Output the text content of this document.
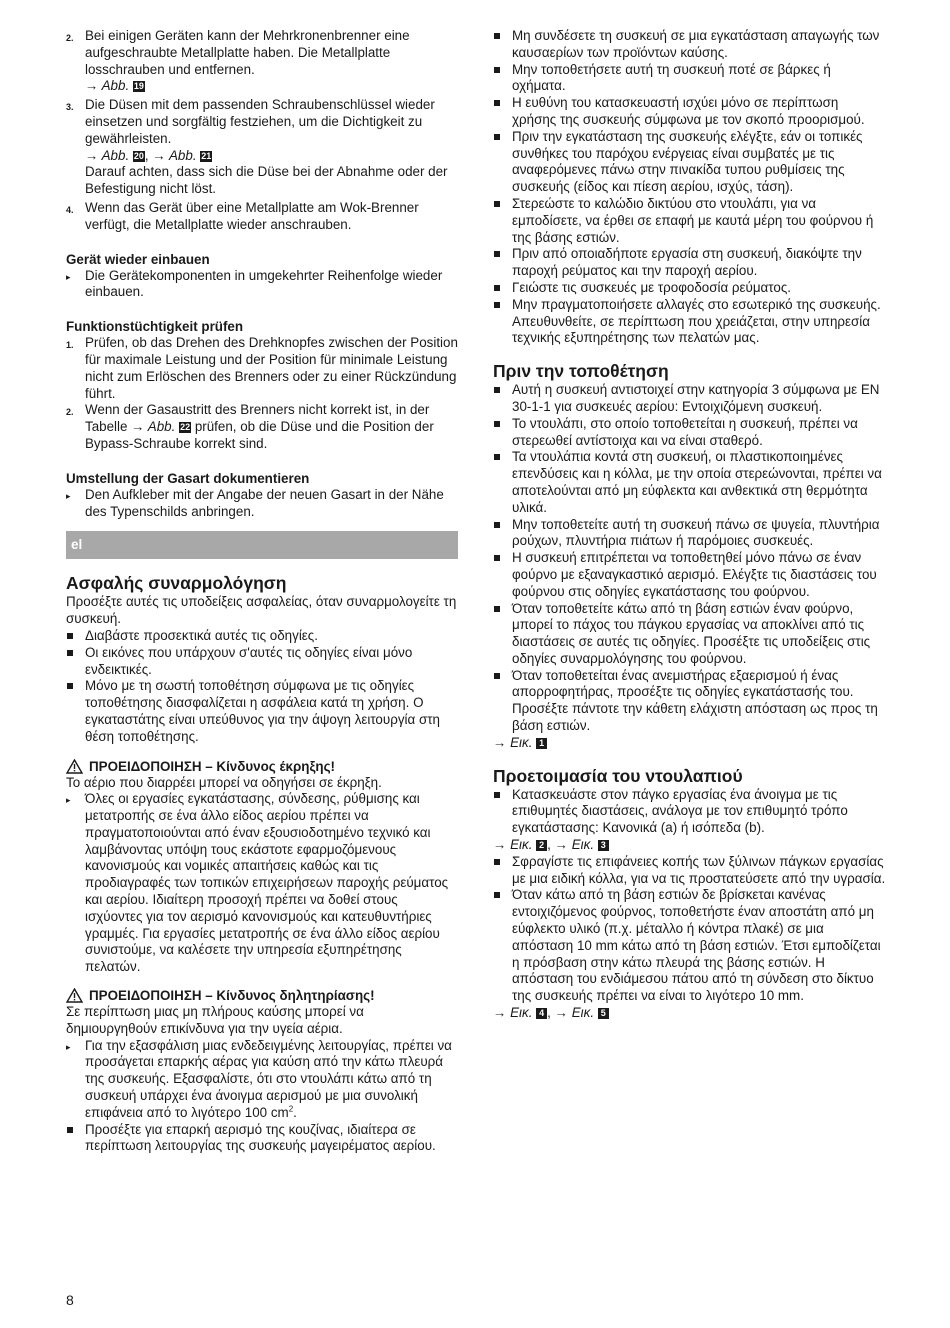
2. Bei einigen Geräten kann der Mehrkronenbrenner eine aufgeschraubte Metallplatte haben. Die Metallplatte losschrauben und entfernen.
→ Abb. 19
3. Die Düsen mit dem passenden Schraubenschlüssel wieder einsetzen und sorgfältig festziehen, um die Dichtigkeit zu gewährleisten.
→ Abb. 20, → Abb. 21
Darauf achten, dass sich die Düse bei der Abnahme oder der Befestigung nicht löst.
4. Wenn das Gerät über eine Metallplatte am Wok-Brenner verfügt, die Metallplatte wieder anschrauben.
Gerät wieder einbauen
▸	Die Gerätekomponenten in umgekehrter Reihenfolge wieder einbauen.
Funktionstüchtigkeit prüfen
1. Prüfen, ob das Drehen des Drehknopfes zwischen der Position für maximale Leistung und der Position für minimale Leistung nicht zum Erlöschen des Brenners oder zu einer Rückzündung führt.
2. Wenn der Gasaustritt des Brenners nicht korrekt ist, in der Tabelle → Abb. 22 prüfen, ob die Düse und die Position der Bypass-Schraube korrekt sind.
Umstellung der Gasart dokumentieren
▸	Den Aufkleber mit der Angabe der neuen Gasart in der Nähe des Typenschilds anbringen.
el
Ασφαλής συναρμολόγηση
Προσέξτε αυτές τις υποδείξεις ασφαλείας, όταν συναρμολογείτε τη συσκευή.
Διαβάστε προσεκτικά αυτές τις οδηγίες.
Οι εικόνες που υπάρχουν σ'αυτές τις οδηγίες είναι μόνο ενδεικτικές.
Μόνο με τη σωστή τοποθέτηση σύμφωνα με τις οδηγίες τοποθέτησης διασφαλίζεται η ασφάλεια κατά τη χρήση. Ο εγκαταστάτης είναι υπεύθυνος για την άψογη λειτουργία στη θέση τοποθέτησης.
ΠΡΟΕΙΔΟΠΟΙΗΣΗ – Κίνδυνος έκρηξης!
Το αέριο που διαρρέει μπορεί να οδηγήσει σε έκρηξη.
▸	Όλες οι εργασίες εγκατάστασης, σύνδεσης, ρύθμισης και μετατροπής σε ένα άλλο είδος αερίου πρέπει να πραγματοποιούνται από έναν εξουσιοδοτημένο τεχνικό και λαμβάνοντας υπόψη τους εκάστοτε εφαρμοζόμενους κανονισμούς και νομικές απαιτήσεις καθώς και τις προδιαγραφές των τοπικών επιχειρήσεων παροχής ρεύματος και αερίου. Ιδιαίτερη προσοχή πρέπει να δοθεί στους ισχύοντες για τον αερισμό κανονισμούς και κατευθυντήριες γραμμές. Για εργασίες μετατροπής σε ένα άλλο είδος αερίου συνιστούμε, να καλέσετε την υπηρεσία εξυπηρέτησης πελατών.
ΠΡΟΕΙΔΟΠΟΙΗΣΗ – Κίνδυνος δηλητηρίασης!
Σε περίπτωση μιας μη πλήρους καύσης μπορεί να δημιουργηθούν επικίνδυνα για την υγεία αέρια.
▸	Για την εξασφάλιση μιας ενδεδειγμένης λειτουργίας, πρέπει να προσάγεται επαρκής αέρας για καύση από την κάτω πλευρά της συσκευής. Εξασφαλίστε, ότι στο ντουλάπι κάτω από τη συσκευή υπάρχει ένα άνοιγμα αερισμού με μια συνολική επιφάνεια από το λιγότερο 100 $cm^2$.
Προσέξτε για επαρκή αερισμό της κουζίνας, ιδιαίτερα σε περίπτωση λειτουργίας της συσκευής μαγειρέματος αερίου.
Μη συνδέσετε τη συσκευή σε μια εγκατάσταση απαγωγής των καυσαερίων των προϊόντων καύσης.
Μην τοποθετήσετε αυτή τη συσκευή ποτέ σε βάρκες ή οχήματα.
Η ευθύνη του κατασκευαστή ισχύει μόνο σε περίπτωση χρήσης της συσκευής σύμφωνα με τον σκοπό προορισμού.
Πριν την εγκατάσταση της συσκευής ελέγξτε, εάν οι τοπικές συνθήκες του παρόχου ενέργειας είναι συμβατές με τις αναφερόμενες πάνω στην πινακίδα τυπου ρυθμίσεις της συσκευής (είδος και πίεση αερίου, ισχύς, τάση).
Στερεώστε το καλώδιο δικτύου στο ντουλάπι, για να εμποδίσετε, να έρθει σε επαφή με καυτά μέρη του φούρνου ή της βάσης εστιών.
Πριν από οποιαδήποτε εργασία στη συσκευή, διακόψτε την παροχή ρεύματος και την παροχή αερίου.
Γειώστε τις συσκευές με τροφοδοσία ρεύματος.
Μην πραγματοποιήσετε αλλαγές στο εσωτερικό της συσκευής. Απευθυνθείτε, σε περίπτωση που χρειάζεται, στην υπηρεσία τεχνικής εξυπηρέτησης των πελατών μας.
Πριν την τοποθέτηση
Αυτή η συσκευή αντιστοιχεί στην κατηγορία 3 σύμφωνα με EN 30-1-1 για συσκευές αερίου: Εντοιχιζόμενη συσκευή.
Το ντουλάπι, στο οποίο τοποθετείται η συσκευή, πρέπει να στερεωθεί αντίστοιχα και να είναι σταθερό.
Τα ντουλάπια κοντά στη συσκευή, οι πλαστικοποιημένες επενδύσεις και η κόλλα, με την οποία στερεώνονται, πρέπει να αποτελούνται από μη εύφλεκτα και ανθεκτικά στη θερμότητα υλικά.
Μην τοποθετείτε αυτή τη συσκευή πάνω σε ψυγεία, πλυντήρια ρούχων, πλυντήρια πιάτων ή παρόμοιες συσκευές.
Η συσκευή επιτρέπεται να τοποθετηθεί μόνο πάνω σε έναν φούρνο με εξαναγκαστικό αερισμό. Ελέγξτε τις διαστάσεις του φούρνου στις οδηγίες εγκατάστασης του φούρνου.
Όταν τοποθετείτε κάτω από τη βάση εστιών έναν φούρνο, μπορεί το πάχος του πάγκου εργασίας να αποκλίνει από τις διαστάσεις σε αυτές τις οδηγίες. Προσέξτε τις υποδείξεις στις οδηγίες συναρμολόγησης του φούρνου.
Όταν τοποθετείται ένας ανεμιστήρας εξαερισμού ή ένας απορροφητήρας, προσέξτε τις οδηγίες εγκατάστασής του. Προσέξτε πάντοτε την κάθετη ελάχιστη απόσταση ως προς τη βάση εστιών.
→ Εικ. 1
Προετοιμασία του ντουλαπιού
Κατασκευάστε στον πάγκο εργασίας ένα άνοιγμα με τις επιθυμητές διαστάσεις, ανάλογα με τον επιθυμητό τρόπο εγκατάστασης: Κανονικά (a) ή ισόπεδα (b).
→ Εικ. 2 , → Εικ. 3
Σφραγίστε τις επιφάνειες κοπής των ξύλινων πάγκων εργασίας με μια ειδική κόλλα, για να τις προστατεύσετε από την υγρασία.
Όταν κάτω από τη βάση εστιών δε βρίσκεται κανένας εντοιχιζόμενος φούρνος, τοποθετήστε έναν αποστάτη από μη εύφλεκτο υλικό (π.χ. μέταλλο ή κόντρα πλακέ) σε μια απόσταση 10 mm κάτω από τη βάση εστιών. Έτσι εμποδίζεται η πρόσβαση στην κάτω πλευρά της βάσης εστιών. Η απόσταση του ενδιάμεσου πάτου από τη σύνδεση στο δίκτυο της συσκευής πρέπει να είναι το λιγότερο 10 mm.
→ Εικ. 4 , → Εικ. 5
8
